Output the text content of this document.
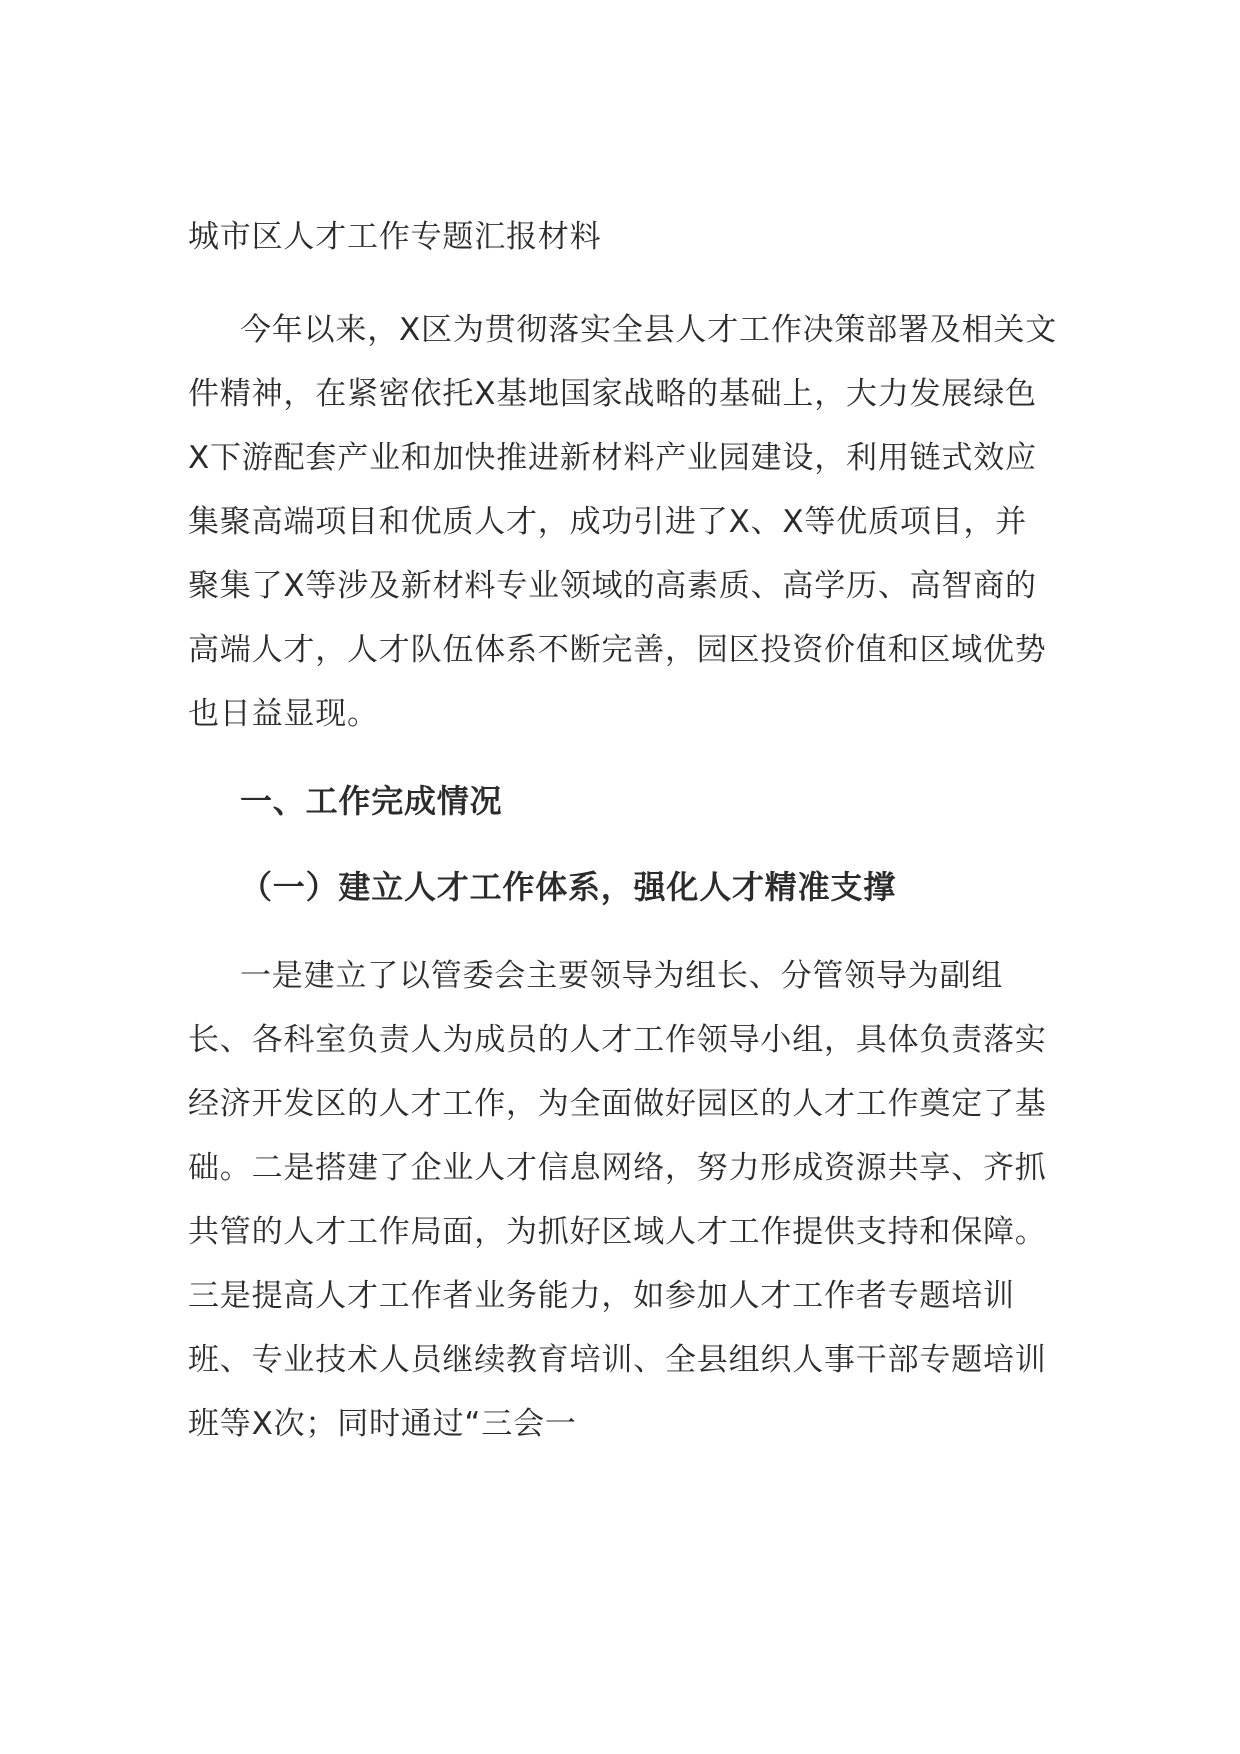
城市区人才工作专题汇报材料
今年以来，X区为贯彻落实全县人才工作决策部署及相关文件精神，在紧密依托X基地国家战略的基础上，大力发展绿色X下游配套产业和加快推进新材料产业园建设，利用链式效应集聚高端项目和优质人才，成功引进了X、X等优质项目，并聚集了X等涉及新材料专业领域的高素质、高学历、高智商的高端人才，人才队伍体系不断完善，园区投资价值和区域优势也日益显现。
一、工作完成情况
（一）建立人才工作体系，强化人才精准支撑
一是建立了以管委会主要领导为组长、分管领导为副组长、各科室负责人为成员的人才工作领导小组，具体负责落实经济开发区的人才工作，为全面做好园区的人才工作奠定了基础。二是搭建了企业人才信息网络，努力形成资源共享、齐抓共管的人才工作局面，为抓好区域人才工作提供支持和保障。三是提高人才工作者业务能力，如参加人才工作者专题培训班、专业技术人员继续教育培训、全县组织人事干部专题培训班等X次；同时通过“三会一
